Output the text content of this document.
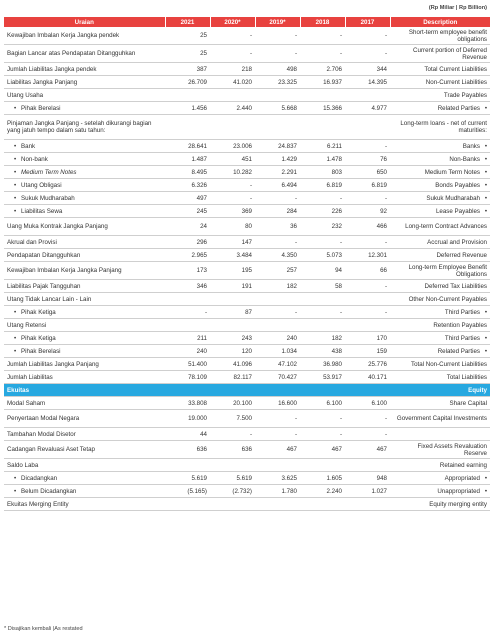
(Rp Miliar | Rp Billion)
Uraian	2021	2020*	2019*	2018	2017	Description
Kewajiban Imbalan Kerja Jangka pendek	25	-	-	-	-	Short-term employee benefit obligations
Bagian Lancar atas Pendapatan Ditangguhkan	25	-	-	-	-	Current portion of Deferred Revenue
Jumlah Liabilitas Jangka pendek	387	218	498	2.706	344	Total Current Liabilities
Liabilitas Jangka Panjang	26.709	41.020	23.325	16.937	14.395	Non-Current Liabilities
Utang Usaha						Trade Payables
• Pihak Berelasi	1.456	2.440	5.668	15.366	4.977	Related Parties •
Pinjaman Jangka Panjang - setelah dikurangi bagian yang jatuh tempo dalam satu tahun:						Long-term loans - net of current maturities:
• Bank	28.641	23.006	24.837	6.211	-	Banks •
• Non-bank	1.487	451	1.429	1.478	76	Non-Banks •
• Medium Term Notes	8.495	10.282	2.291	803	650	Medium Term Notes •
• Utang Obligasi	6.326	-	6.494	6.819	6.819	Bonds Payables •
• Sukuk Mudharabah	497	-	-	-	-	Sukuk Mudharabah •
• Liabilitas Sewa	245	369	284	226	92	Lease Payables •
Uang Muka Kontrak Jangka Panjang	24	80	36	232	466	Long-term Contract Advances
Akrual dan Provisi	296	147	-	-	-	Accrual and Provision
Pendapatan Ditangguhkan	2.965	3.484	4.350	5.073	12.301	Deferred Revenue
Kewajiban Imbalan Kerja Jangka Panjang	173	195	257	94	66	Long-term Employee Benefit Obligations
Liabilitas Pajak Tangguhan	346	191	182	58	-	Deferred Tax Liabilities
Utang Tidak Lancar Lain - Lain						Other Non-Current Payables
• Pihak Ketiga	-	87	-	-	-	Third Parties •
Utang Retensi						Retention Payables
• Pihak Ketiga	211	243	240	182	170	Third Parties •
• Pihak Berelasi	240	120	1.034	438	159	Related Parties •
Jumlah Liabilitas Jangka Panjang	51.400	41.096	47.102	36.980	25.776	Total Non-Current Liabilities
Jumlah Liabilitas	78.109	82.117	70.427	53.917	40.171	Total Liabilities
Ekuitas						Equity
Modal Saham	33.808	20.100	16.600	6.100	6.100	Share Capital
Penyertaan Modal Negara	19.000	7.500	-	-	-	Government Capital Investments
Tambahan Modal Disetor	44	-	-	-	-	
Cadangan Revaluasi Aset Tetap	636	636	467	467	467	Fixed Assets Revaluation Reserve
Saldo Laba						Retained earning
• Dicadangkan	5.619	5.619	3.625	1.605	948	Appropriated •
• Belum Dicadangkan	(5.165)	(2.732)	1.780	2.240	1.027	Unappropriated •
Ekuitas Merging Entity						Equity merging entity
* Disajikan kembali |As restated
